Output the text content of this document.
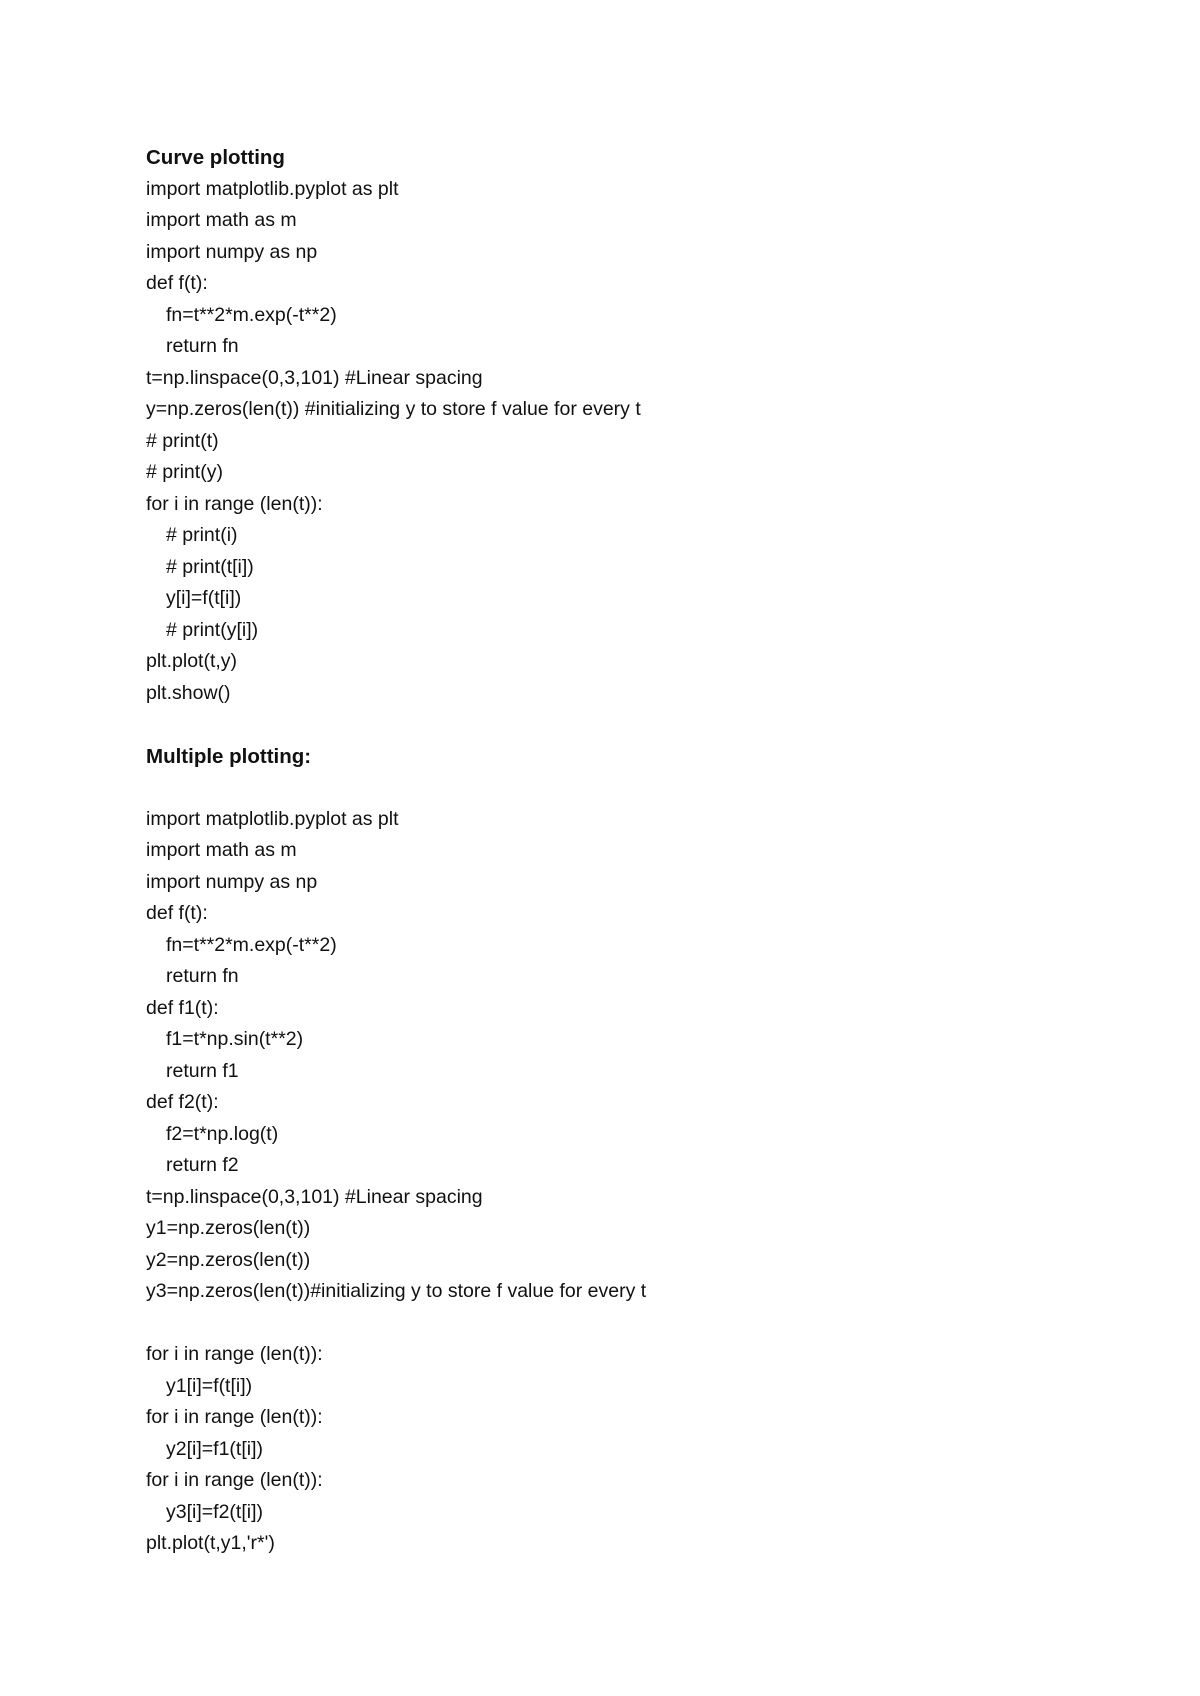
Curve plotting
import matplotlib.pyplot as plt
import math as m
import numpy as np
def f(t):
fn=t**2*m.exp(-t**2)
return fn
t=np.linspace(0,3,101) #Linear spacing
y=np.zeros(len(t)) #initializing y to store f value for every t
# print(t)
# print(y)
for i in range (len(t)):
# print(i)
# print(t[i])
y[i]=f(t[i])
# print(y[i])
plt.plot(t,y)
plt.show()
Multiple plotting:
import matplotlib.pyplot as plt
import math as m
import numpy as np
def f(t):
fn=t**2*m.exp(-t**2)
return fn
def f1(t):
f1=t*np.sin(t**2)
return f1
def f2(t):
f2=t*np.log(t)
return f2
t=np.linspace(0,3,101) #Linear spacing
y1=np.zeros(len(t))
y2=np.zeros(len(t))
y3=np.zeros(len(t))#initializing y to store f value for every t
for i in range (len(t)):
y1[i]=f(t[i])
for i in range (len(t)):
y2[i]=f1(t[i])
for i in range (len(t)):
y3[i]=f2(t[i])
plt.plot(t,y1,'r*')
